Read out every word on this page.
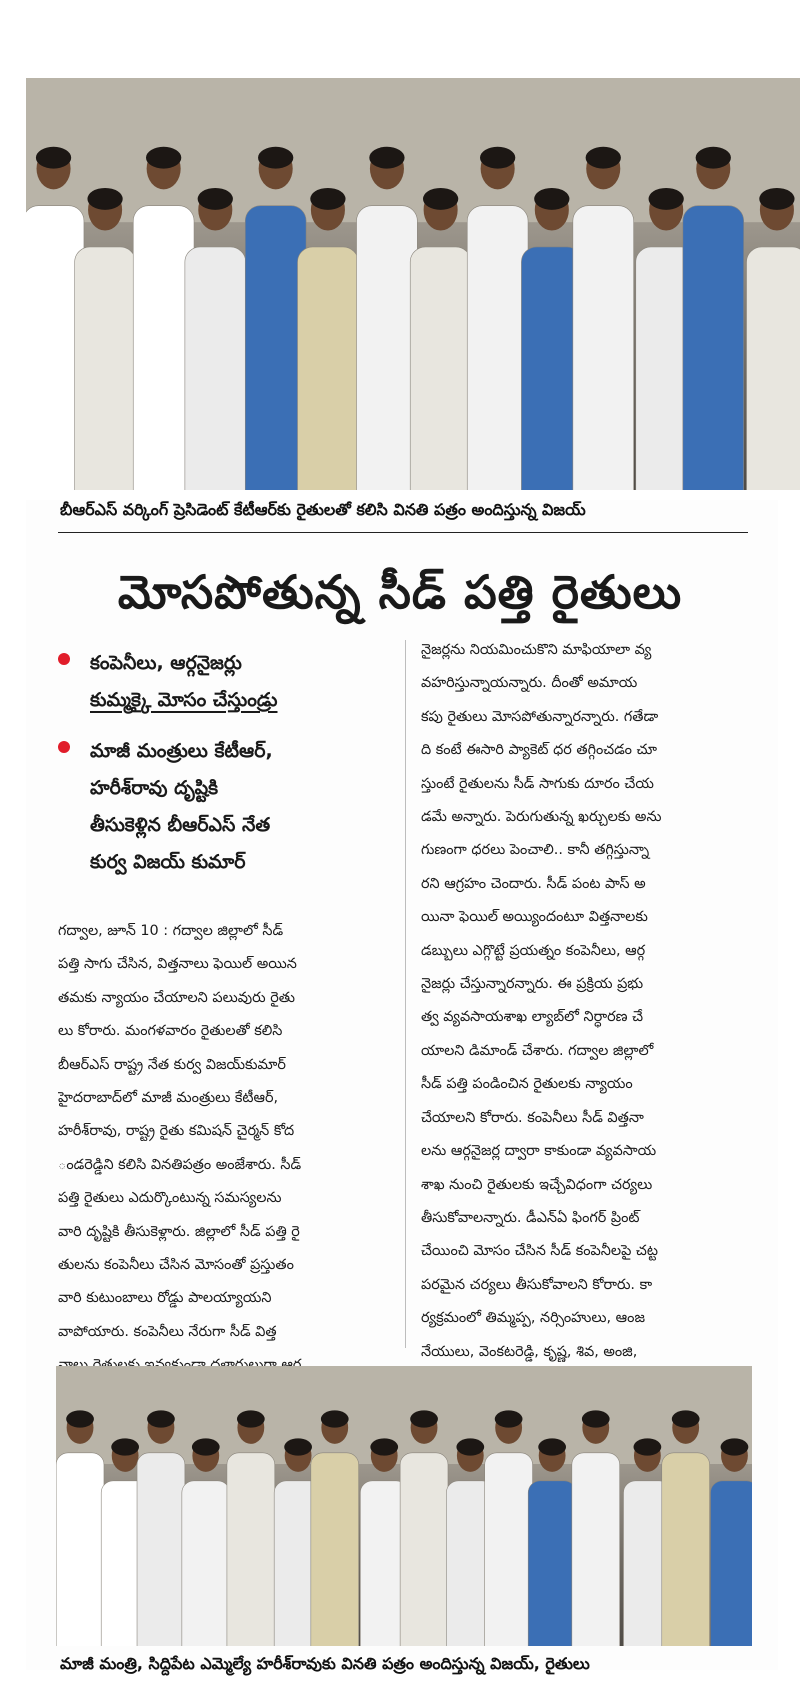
బీఆర్ఎస్ వర్కింగ్ ప్రెసిడెంట్ కేటీఆర్‌కు రైతులతో కలిసి వినతి పత్రం అందిస్తున్న విజయ్
మోసపోతున్న సీడ్ పత్తి రైతులు
కంపెనీలు, ఆర్గనైజర్లు
కుమ్మక్కై మోసం చేస్తుండ్రు
మాజీ మంత్రులు కేటీఆర్,
హరీశ్‌రావు దృష్టికి
తీసుకెళ్లిన బీఆర్ఎస్ నేత
కుర్వ విజయ్ కుమార్
గద్వాల, జూన్ 10 : గద్వాల జిల్లాలో సీడ్
పత్తి సాగు చేసిన, విత్తనాలు ఫెయిల్ అయిన
తమకు న్యాయం చేయాలని పలువురు రైతు
లు కోరారు. మంగళవారం రైతులతో కలిసి
బీఆర్ఎస్ రాష్ట్ర నేత కుర్వ విజయ్‌కుమార్
హైదరాబాద్‌లో మాజీ మంత్రులు కేటీఆర్,
హరీశ్‌రావు, రాష్ట్ర రైతు కమిషన్ చైర్మన్ కోద
ండరెడ్డిని కలిసి వినతిపత్రం అంజేశారు. సీడ్
పత్తి రైతులు ఎదుర్కొంటున్న సమస్యలను
వారి దృష్టికి తీసుకెళ్లారు. జిల్లాలో సీడ్ పత్తి రై
తులను కంపెనీలు చేసిన మోసంతో ప్రస్తుతం
వారి కుటుంబాలు రోడ్డు పాలయ్యాయని
వాపోయారు. కంపెనీలు నేరుగా సీడ్ విత్త
నైజర్లను నియమించుకొని మాఫియాలా వ్య
వహరిస్తున్నాయన్నారు. దీంతో అమాయ
కపు రైతులు మోసపోతున్నారన్నారు. గతేడా
ది కంటే ఈసారి ప్యాకెట్ ధర తగ్గించడం చూ
స్తుంటే రైతులను సీడ్ సాగుకు దూరం చేయ
డమే అన్నారు. పెరుగుతున్న ఖర్చులకు అను
గుణంగా ధరలు పెంచాలి.. కానీ తగ్గిస్తున్నా
రని ఆగ్రహం చెందారు. సీడ్ పంట పాస్ అ
యినా ఫెయిల్ అయ్యిందంటూ విత్తనాలకు
డబ్బులు ఎగ్గొట్టే ప్రయత్నం కంపెనీలు, ఆర్గ
నైజర్లు చేస్తున్నారన్నారు. ఈ ప్రక్రియ ప్రభు
త్వ వ్యవసాయశాఖ ల్యాబ్‌లో నిర్ధారణ చే
యాలని డిమాండ్ చేశారు. గద్వాల జిల్లాలో
సీడ్ పత్తి పండించిన రైతులకు న్యాయం
చేయాలని కోరారు. కంపెనీలు సీడ్ విత్తనా
లను ఆర్గనైజర్ల ద్వారా కాకుండా వ్యవసాయ
శాఖ నుంచి రైతులకు ఇచ్చేవిధంగా చర్యలు
తీసుకోవాలన్నారు. డీఎన్ఏ ఫింగర్ ప్రింట్
చేయించి మోసం చేసిన సీడ్ కంపెనీలపై చట్ట
పరమైన చర్యలు తీసుకోవాలని కోరారు. కా
ర్యక్రమంలో తిమ్మప్ప, నర్సింహులు, ఆంజ
నేయులు, వెంకటరెడ్డి, కృష్ణ, శివ, అంజి,
మాజీ మంత్రి, సిద్దిపేట ఎమ్మెల్యే హరీశ్‌రావుకు వినతి పత్రం అందిస్తున్న విజయ్, రైతులు
